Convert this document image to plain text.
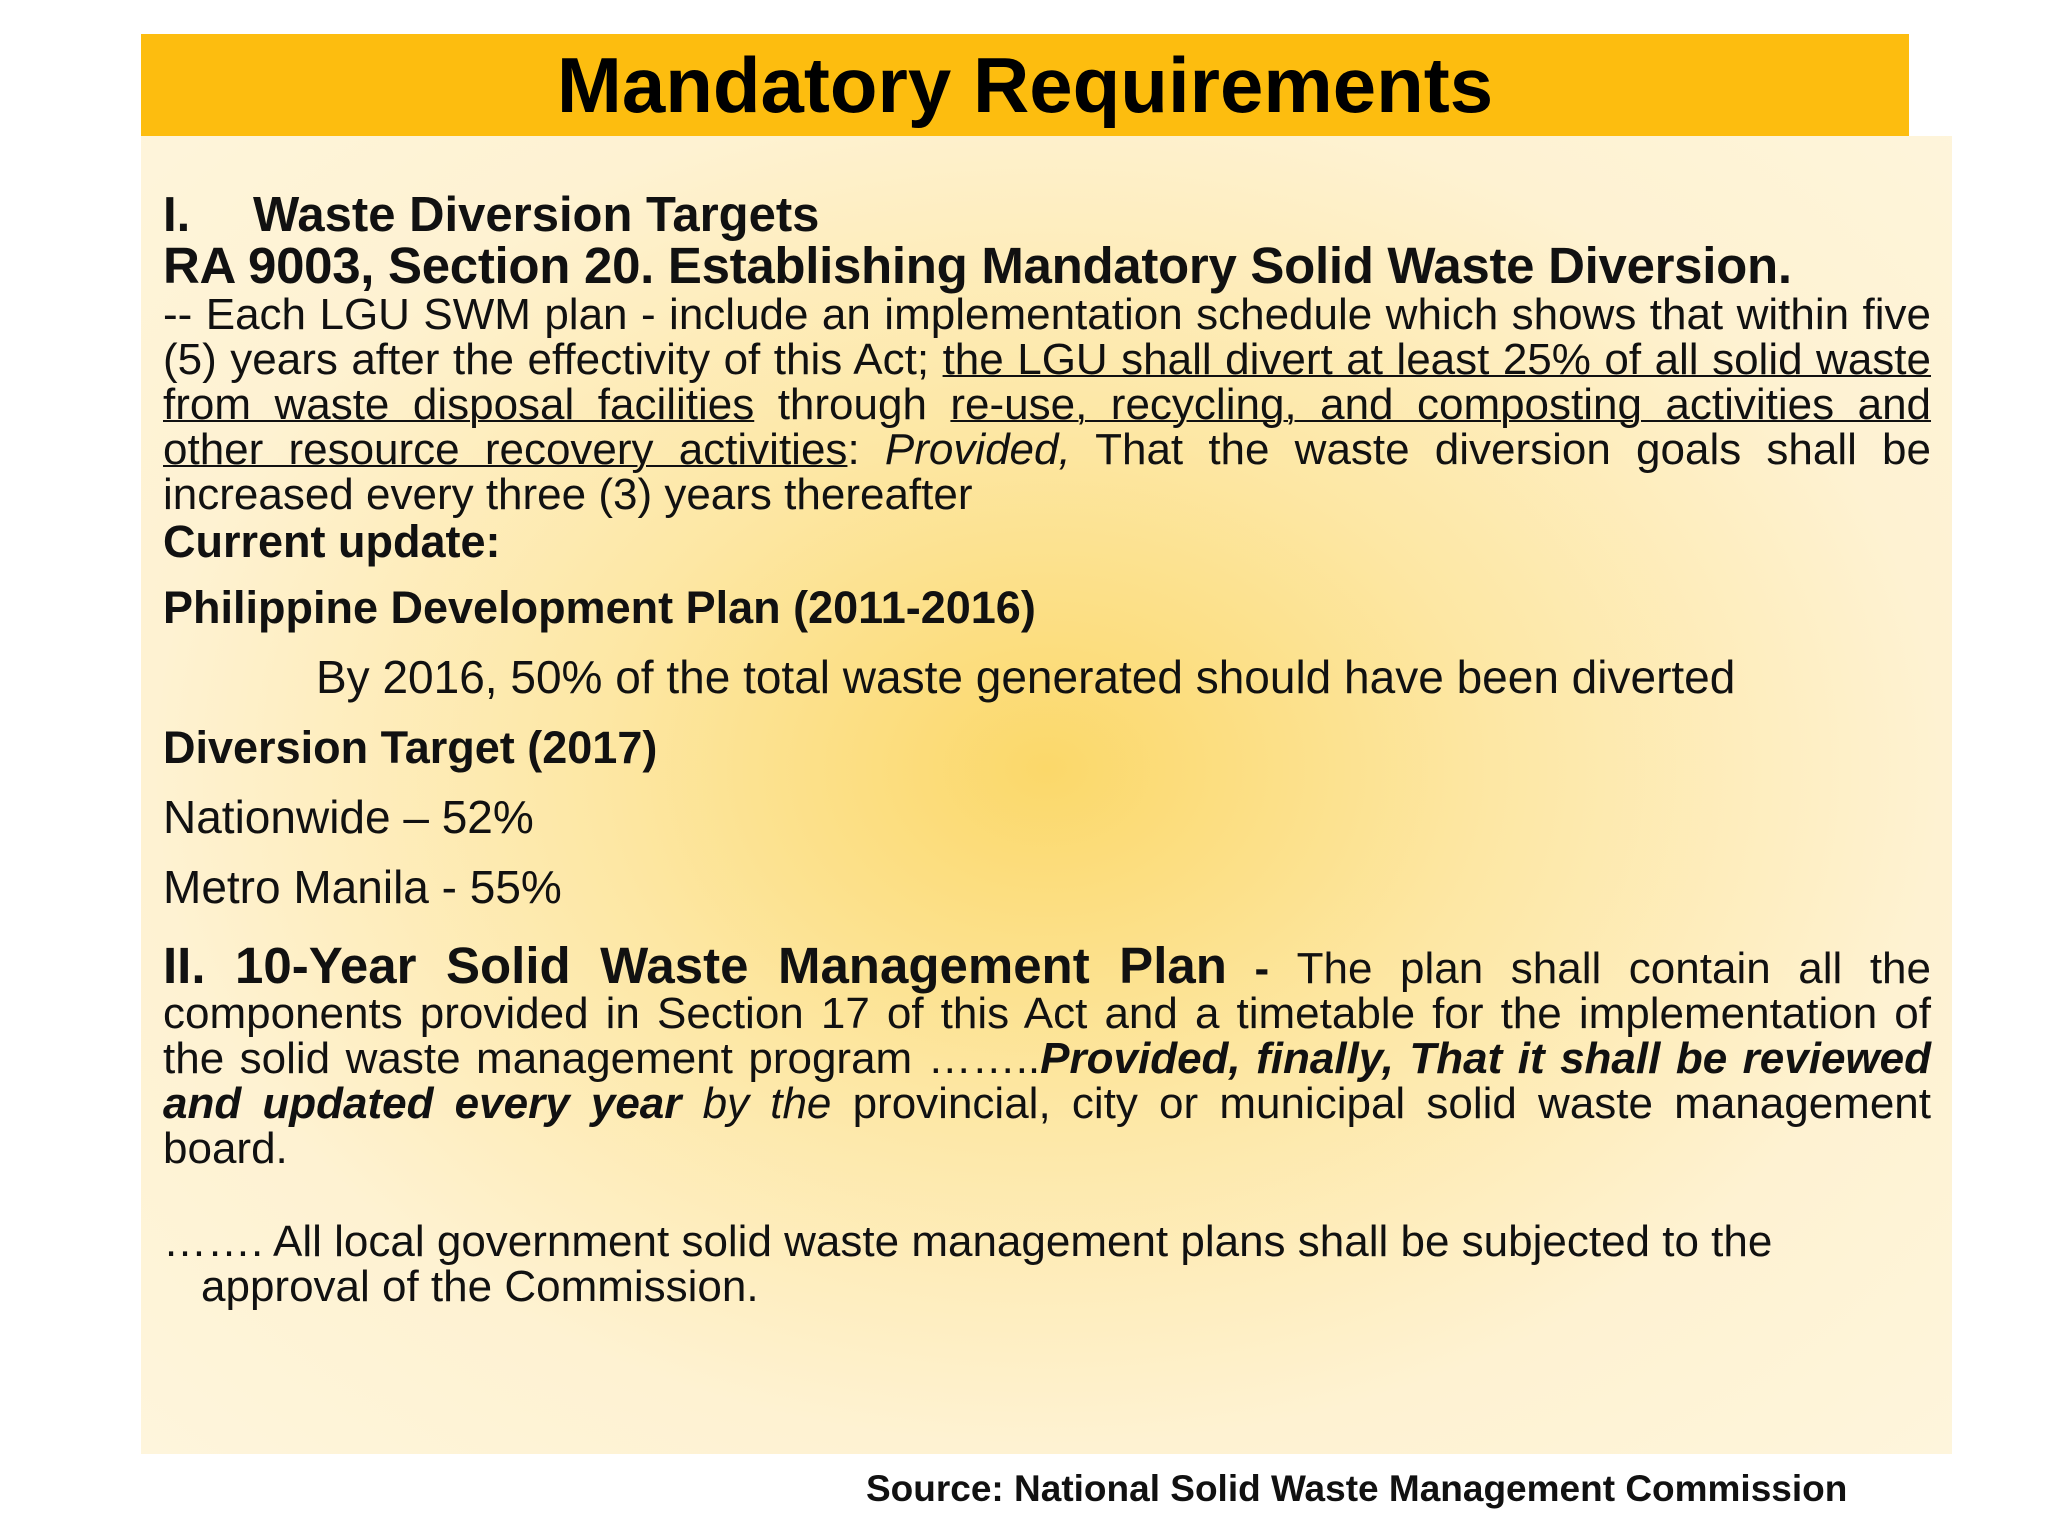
Mandatory Requirements
I. Waste Diversion Targets
RA 9003, Section 20. Establishing Mandatory Solid Waste Diversion.

-- Each LGU SWM plan - include an implementation schedule which shows that within five (5) years after the effectivity of this Act; the LGU shall divert at least 25% of all solid waste from waste disposal facilities through re-use, recycling, and composting activities and other resource recovery activities: Provided, That the waste diversion goals shall be increased every three (3) years thereafter

Current update:
Philippine Development Plan (2011-2016)
By 2016, 50% of the total waste generated should have been diverted
Diversion Target (2017)
Nationwide – 52%
Metro Manila - 55%

II. 10-Year Solid Waste Management Plan - The plan shall contain all the components provided in Section 17 of this Act and a timetable for the implementation of the solid waste management program ……..Provided, finally, That it shall be reviewed and updated every year by the provincial, city or municipal solid waste management board.

……. All local government solid waste management plans shall be subjected to the approval of the Commission.

Source: National Solid Waste Management Commission
